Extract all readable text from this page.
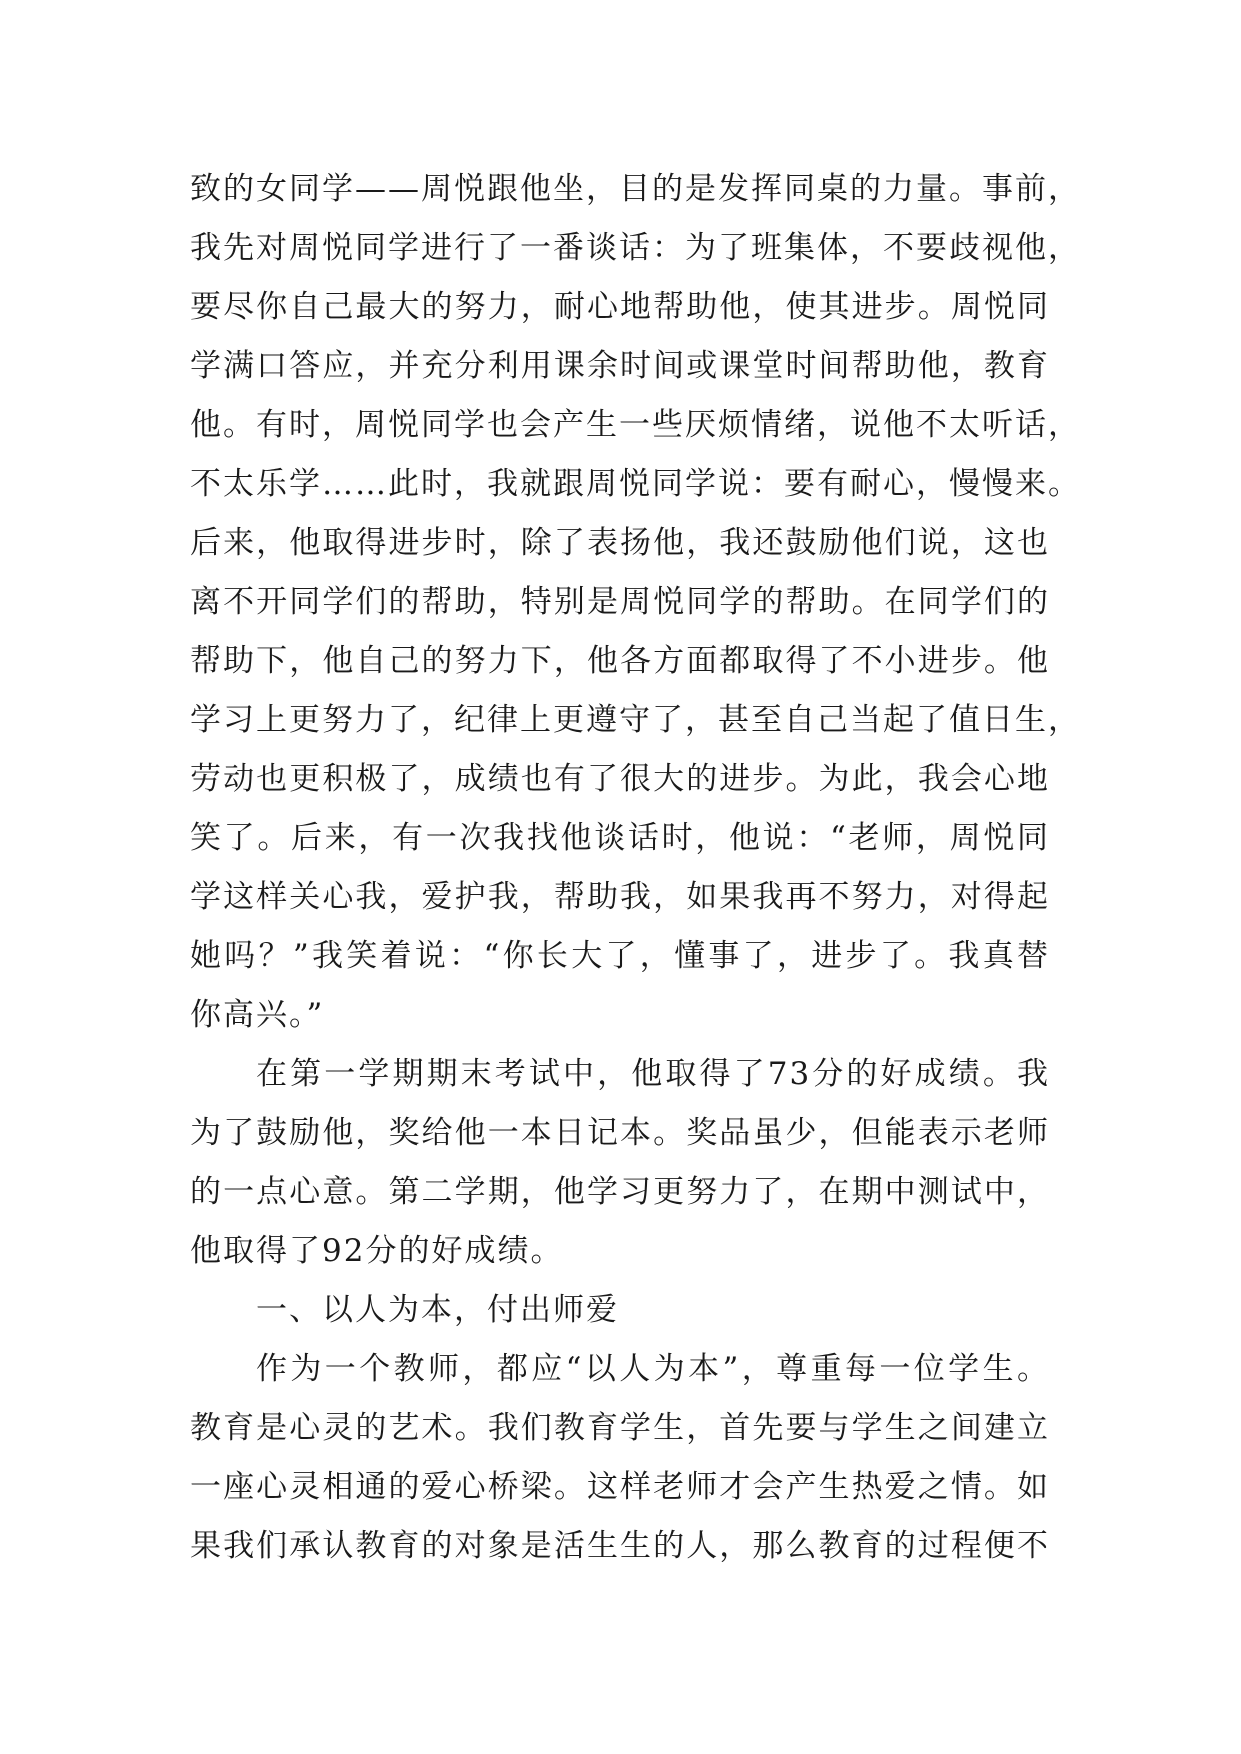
致的女同学——周悦跟他坐，目的是发挥同桌的力量。事前，
我先对周悦同学进行了一番谈话：为了班集体，不要歧视他，
要尽你自己最大的努力，耐心地帮助他，使其进步。周悦同
学满口答应，并充分利用课余时间或课堂时间帮助他，教育
他。有时，周悦同学也会产生一些厌烦情绪，说他不太听话，
不太乐学……此时，我就跟周悦同学说：要有耐心，慢慢来。
后来，他取得进步时，除了表扬他，我还鼓励他们说，这也
离不开同学们的帮助，特别是周悦同学的帮助。在同学们的
帮助下，他自己的努力下，他各方面都取得了不小进步。他
学习上更努力了，纪律上更遵守了，甚至自己当起了值日生，
劳动也更积极了，成绩也有了很大的进步。为此，我会心地
笑了。后来，有一次我找他谈话时，他说：“老师，周悦同
学这样关心我，爱护我，帮助我，如果我再不努力，对得起
她吗？”我笑着说：“你长大了，懂事了，进步了。我真替
你高兴。”
在第一学期期末考试中，他取得了73分的好成绩。我
为了鼓励他，奖给他一本日记本。奖品虽少，但能表示老师
的一点心意。第二学期，他学习更努力了，在期中测试中，
他取得了92分的好成绩。
一、以人为本，付出师爱
作为一个教师，都应“以人为本”，尊重每一位学生。
教育是心灵的艺术。我们教育学生，首先要与学生之间建立
一座心灵相通的爱心桥梁。这样老师才会产生热爱之情。如
果我们承认教育的对象是活生生的人，那么教育的过程便不
